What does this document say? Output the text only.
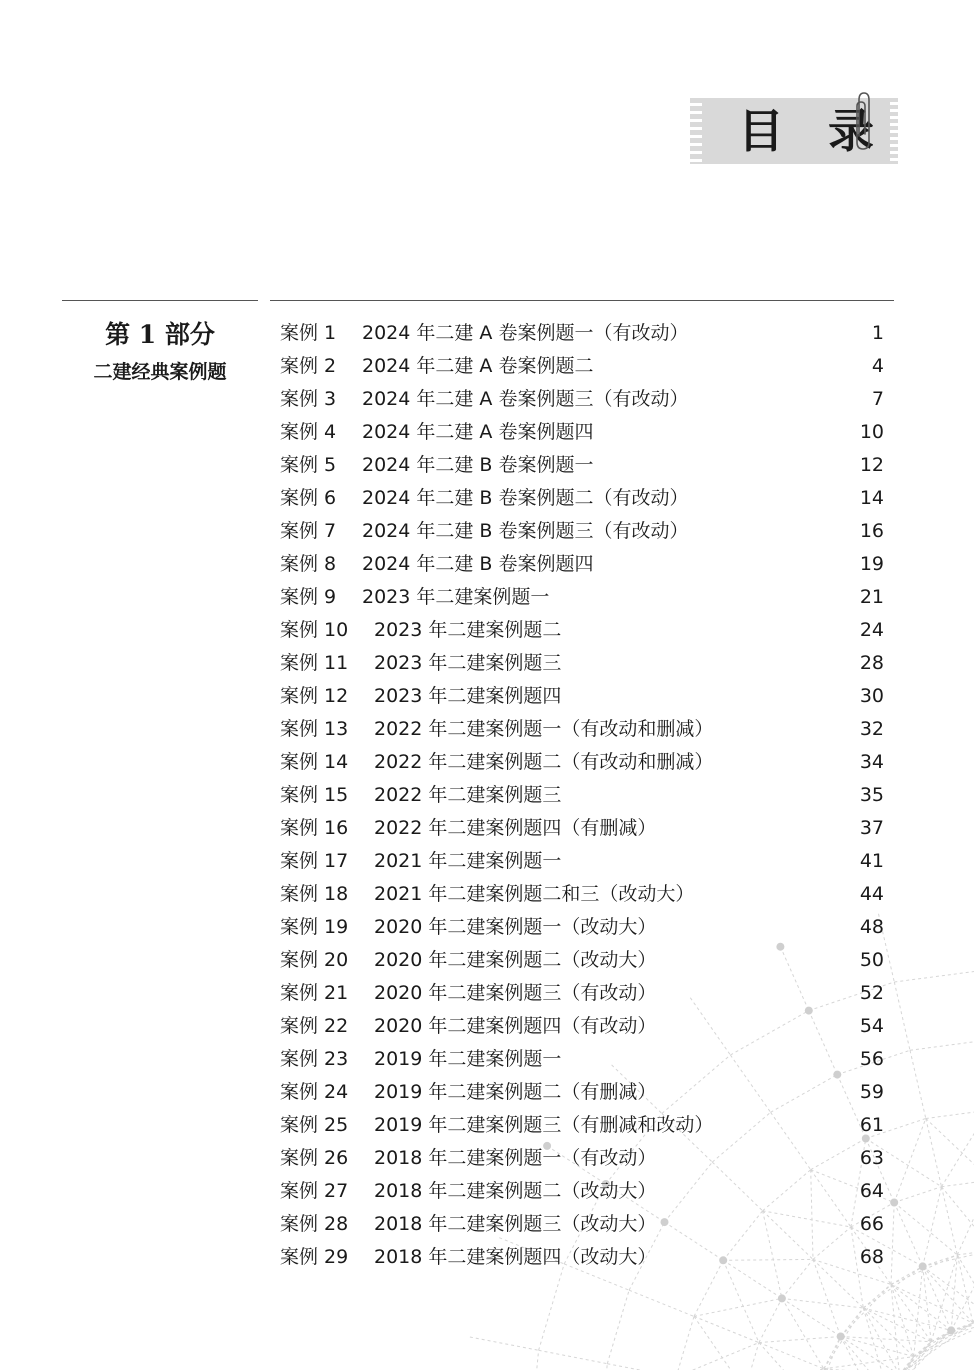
目 录
第 1 部分
二建经典案例题
案例 1 2024 年二建 A 卷案例题一（有改动）	1
案例 2 2024 年二建 A 卷案例题二	4
案例 3 2024 年二建 A 卷案例题三（有改动）	7
案例 4 2024 年二建 A 卷案例题四	10
案例 5 2024 年二建 B 卷案例题一	12
案例 6 2024 年二建 B 卷案例题二（有改动）	14
案例 7 2024 年二建 B 卷案例题三（有改动）	16
案例 8 2024 年二建 B 卷案例题四	19
案例 9 2023 年二建案例题一	21
案例 10 2023 年二建案例题二	24
案例 11 2023 年二建案例题三	28
案例 12 2023 年二建案例题四	30
案例 13 2022 年二建案例题一（有改动和删减）	32
案例 14 2022 年二建案例题二（有改动和删减）	34
案例 15 2022 年二建案例题三	35
案例 16 2022 年二建案例题四（有删减）	37
案例 17 2021 年二建案例题一	41
案例 18 2021 年二建案例题二和三（改动大）	44
案例 19 2020 年二建案例题一（改动大）	48
案例 20 2020 年二建案例题二（改动大）	50
案例 21 2020 年二建案例题三（有改动）	52
案例 22 2020 年二建案例题四（有改动）	54
案例 23 2019 年二建案例题一	56
案例 24 2019 年二建案例题二（有删减）	59
案例 25 2019 年二建案例题三（有删减和改动）	61
案例 26 2018 年二建案例题一（有改动）	63
案例 27 2018 年二建案例题二（改动大）	64
案例 28 2018 年二建案例题三（改动大）	66
案例 29 2018 年二建案例题四（改动大）	68
